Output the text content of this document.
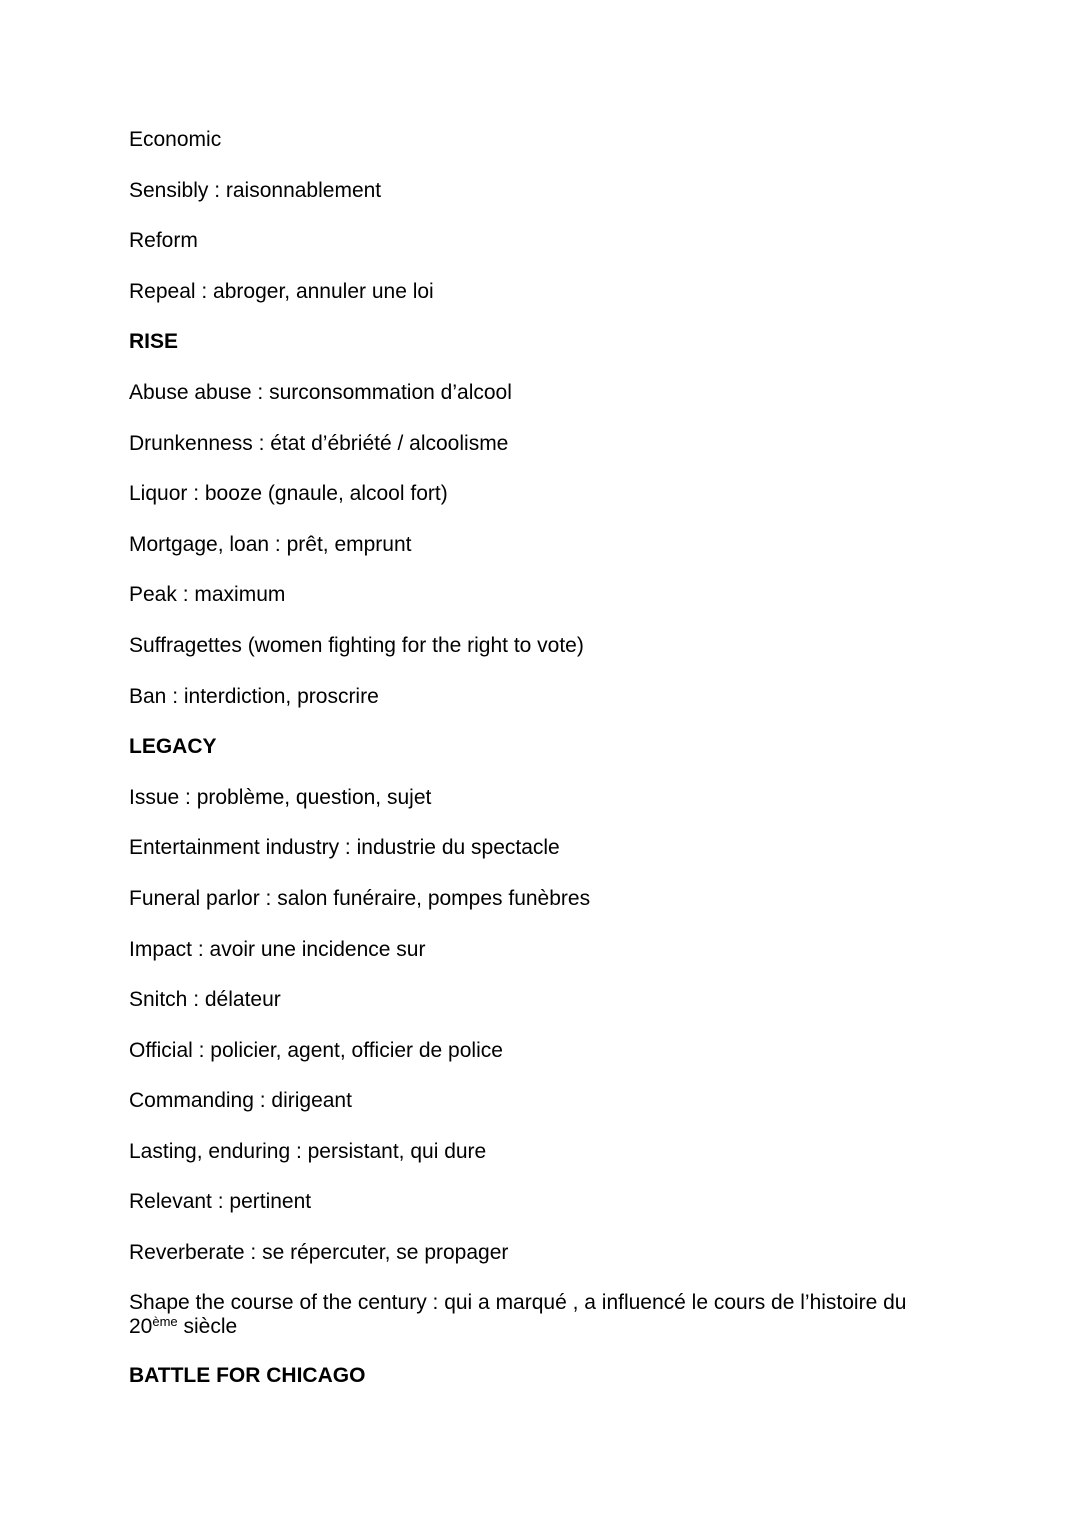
Economic
Sensibly : raisonnablement
Reform
Repeal : abroger, annuler une loi
RISE
Abuse abuse : surconsommation d’alcool
Drunkenness : état d’ébriété / alcoolisme
Liquor : booze (gnaule, alcool fort)
Mortgage, loan : prêt, emprunt
Peak : maximum
Suffragettes (women fighting for the right to vote)
Ban : interdiction, proscrire
LEGACY
Issue : problème, question, sujet
Entertainment industry : industrie du spectacle
Funeral parlor : salon funéraire, pompes funèbres
Impact : avoir une incidence sur
Snitch : délateur
Official : policier, agent, officier de police
Commanding : dirigeant
Lasting, enduring : persistant, qui dure
Relevant : pertinent
Reverberate : se répercuter, se propager
Shape the course of the century : qui a marqué , a influencé le cours de l’histoire du 20ème siècle
BATTLE FOR CHICAGO
